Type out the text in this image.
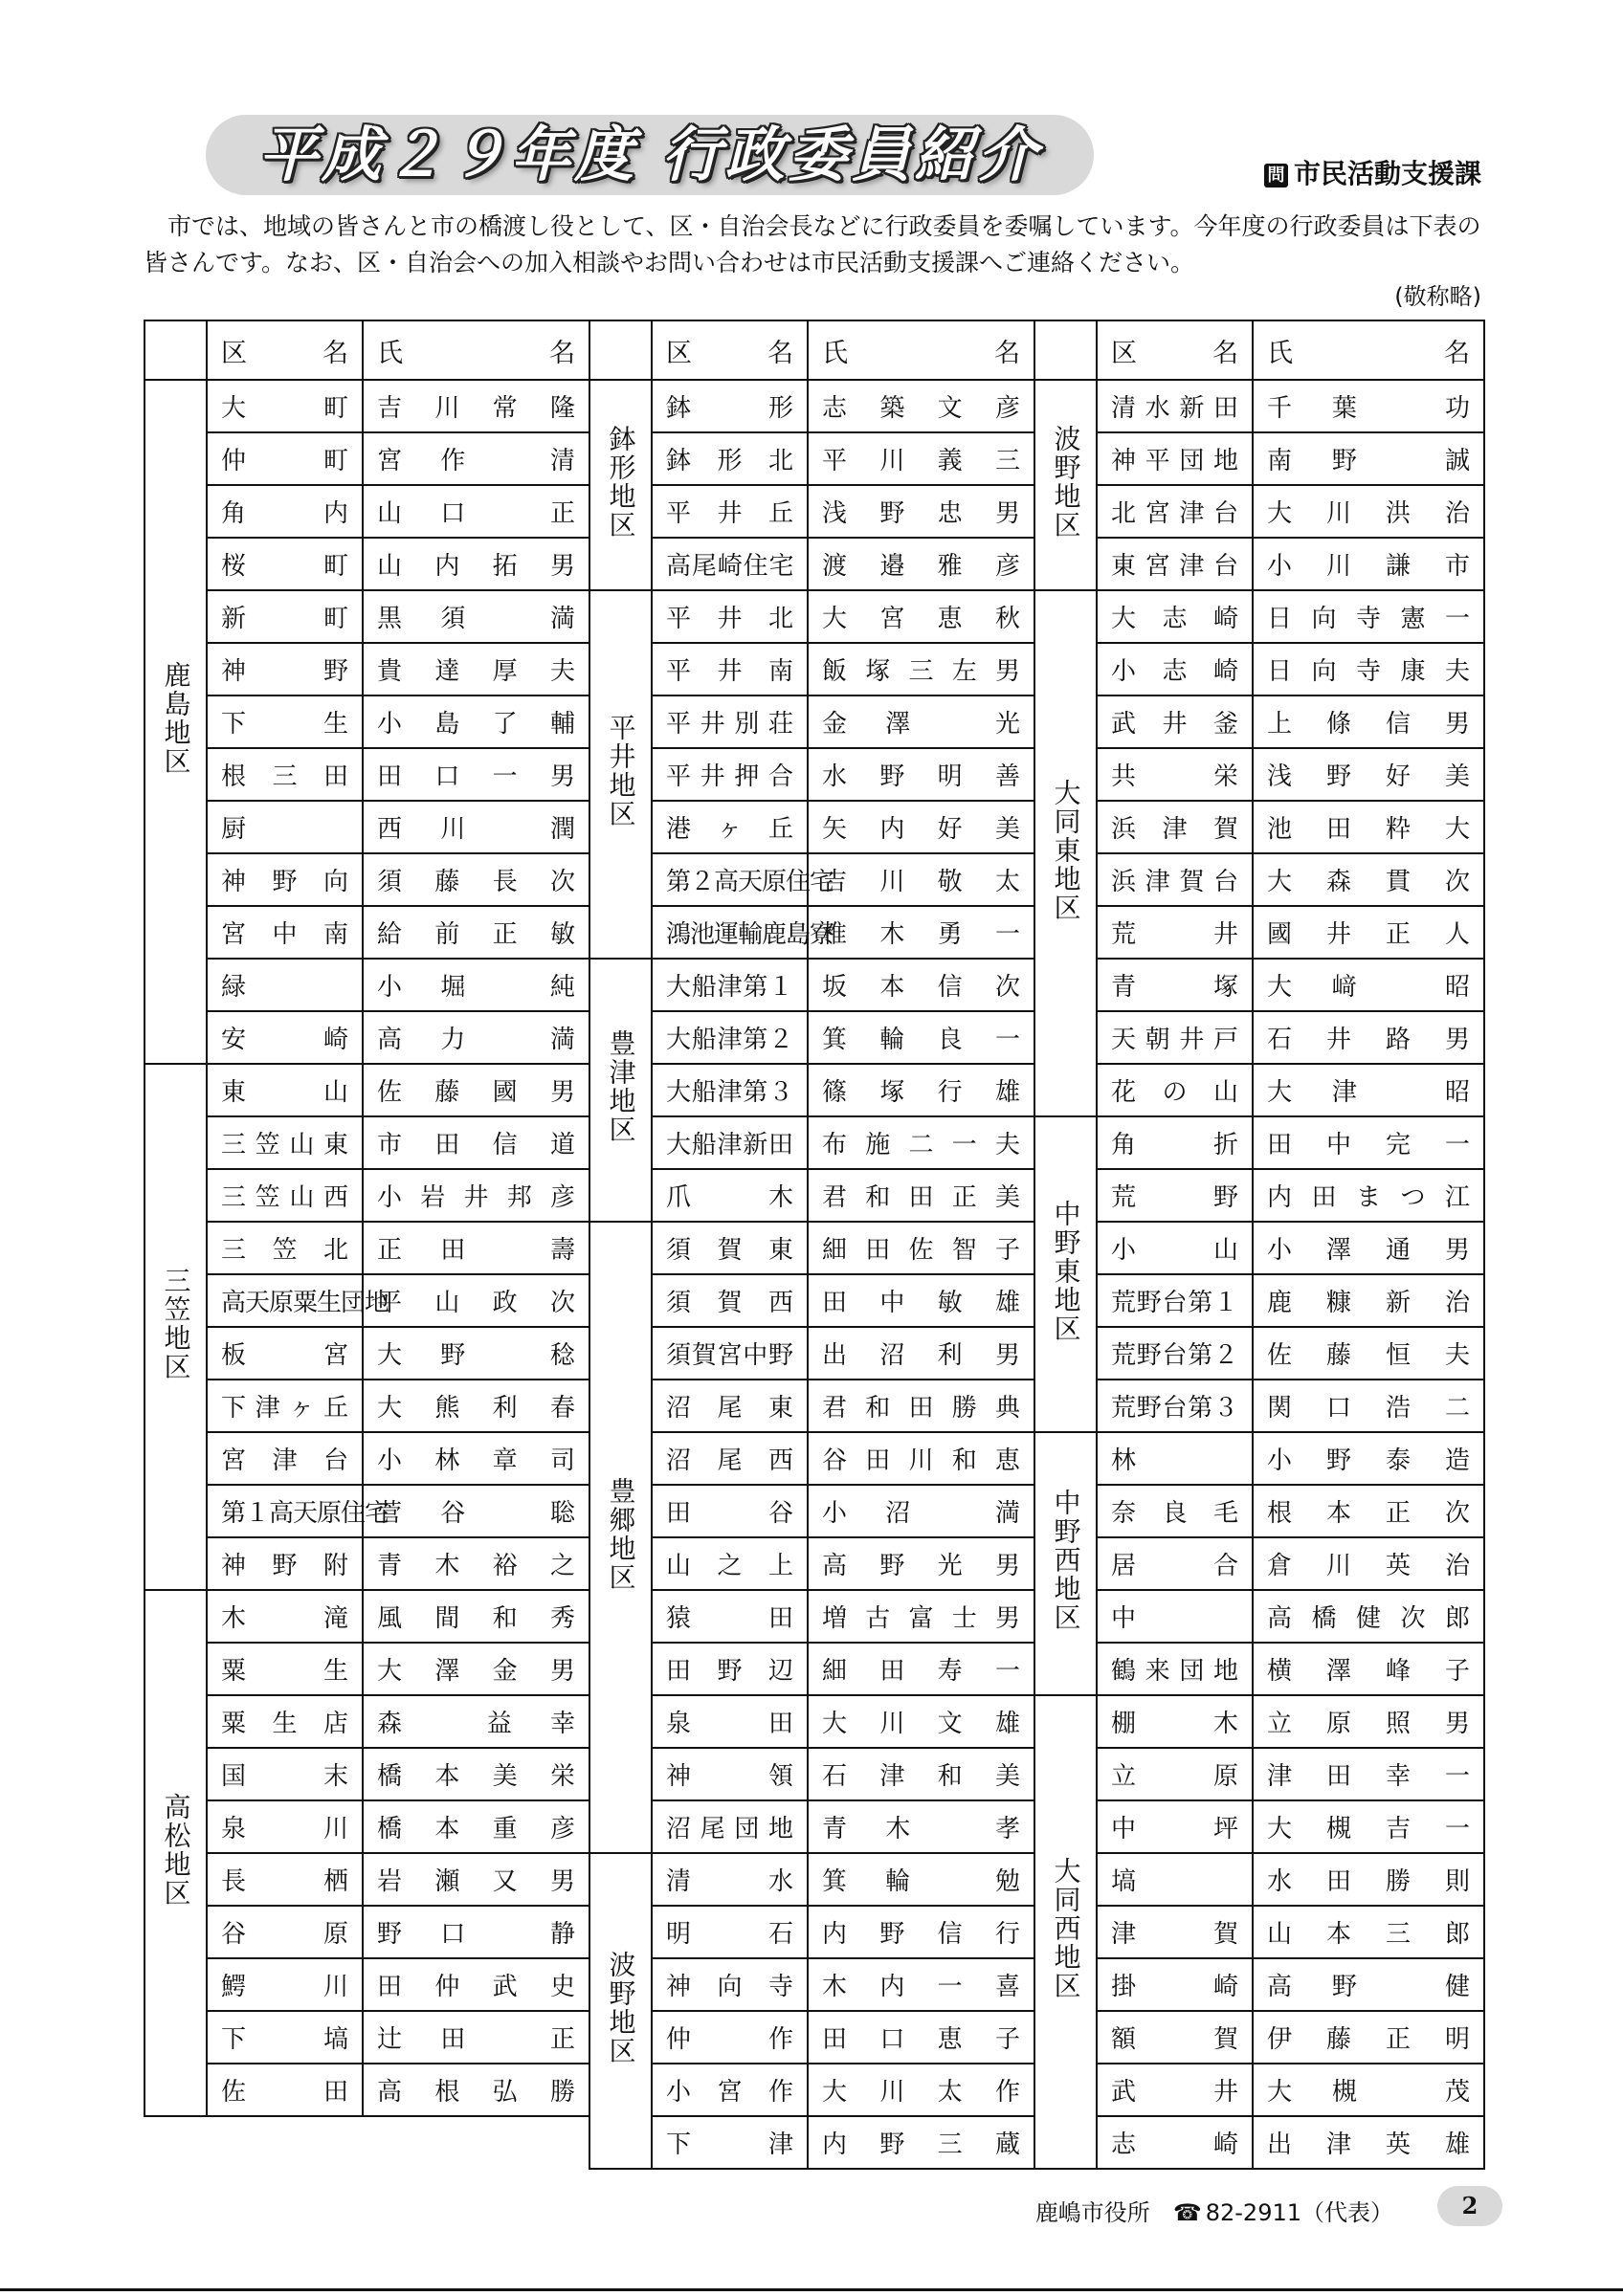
平成２９年度 行政委員紹介	問 市民活動支援課

市では、地域の皆さんと市の橋渡し役として、区・自治会長などに行政委員を委嘱しています。今年度の行政委員は下表の皆さんです。なお、区・自治会への加入相談やお問い合わせは市民活動支援課へご連絡ください。

(敬称略)
	区名	氏名		区名	氏名		区名	氏名
鹿島地区	大町	吉川常隆	鉢形地区	鉢形	志築文彦	波野地区	清水新田	千葉 功
	仲町	宮作 清		鉢形北	平川義三		神平団地	南野 誠
	角内	山口 正		平井丘	浅野忠男		北宮津台	大川洪治
	桜町	山内拓男		高尾崎住宅	渡邉雅彦		東宮津台	小川謙市
	新町	黒須 満	平井地区	平井北	大宮恵秋	大同東地区	大志崎	日向寺憲一
	神野	貴達厚夫		平井南	飯塚三左男		小志崎	日向寺康夫
	下生	小島了輔		平井別荘	金澤 光		武井釜	上條信男
	根三田	田口一男		平井押合	水野明善		共栄	浅野好美
	厨	西川 潤		港ヶ丘	矢内好美		浜津賀	池田粋大
	神野向	須藤長次		第２高天原住宅	吉川敬太		浜津賀台	大森貫次
	宮中南	給前正敏		鴻池運輸鹿島寮	椎木勇一		荒井	國井正人
	緑	小堀 純	豊津地区	大船津第１	坂本信次		青塚	大﨑 昭
	安崎	高力 満		大船津第２	箕輪良一		天朝井戸	石井路男
三笠地区	東山	佐藤國男		大船津第３	篠塚行雄		花の山	大津 昭
	三笠山東	市田信道		大船津新田	布施二一夫	中野東地区	角折	田中完一
	三笠山西	小岩井邦彦		爪木	君和田正美		荒野	内田まつ江
	三笠北	正田 壽	豊郷地区	須賀東	細田佐智子		小山	小澤通男
	高天原粟生団地	平山政次		須賀西	田中敏雄		荒野台第１	鹿糠新治
	板宮	大野 稔		須賀宮中野	出沼利男		荒野台第２	佐藤恒夫
	下津ヶ丘	大熊利春		沼尾東	君和田勝典		荒野台第３	関口浩二
	宮津台	小林章司		沼尾西	谷田川和恵	中野西地区	林	小野泰造
	第１高天原住宅	菅谷 聡		田谷	小沼 満		奈良毛	根本正次
	神野附	青木裕之		山之上	高野光男		居合	倉川英治
高松地区	木滝	風間和秀		猿田	増古富士男		中	高橋健次郎
	粟生	大澤金男		田野辺	細田寿一		鶴来団地	横澤峰子
	粟生店	森 益幸		泉田	大川文雄	大同西地区	棚木	立原照男
	国末	橋本美栄		神領	石津和美		立原	津田幸一
	泉川	橋本重彦		沼尾団地	青木 孝		中坪	大槻吉一
	長栖	岩瀬又男	波野地区	清水	箕輪 勉		塙	水田勝則
	谷原	野口 静		明石	内野信行		津賀	山本三郎
	鰐川	田仲武史		神向寺	木内一喜		掛崎	高野 健
	下塙	辻田 正		仲作	田口恵子		額賀	伊藤正明
	佐田	高根弘勝		小宮作	大川太作		武井	大槻 茂
				下津	内野三蔵		志崎	出津英雄
鹿嶋市役所　 ☎ 82-2911（代表）	2
